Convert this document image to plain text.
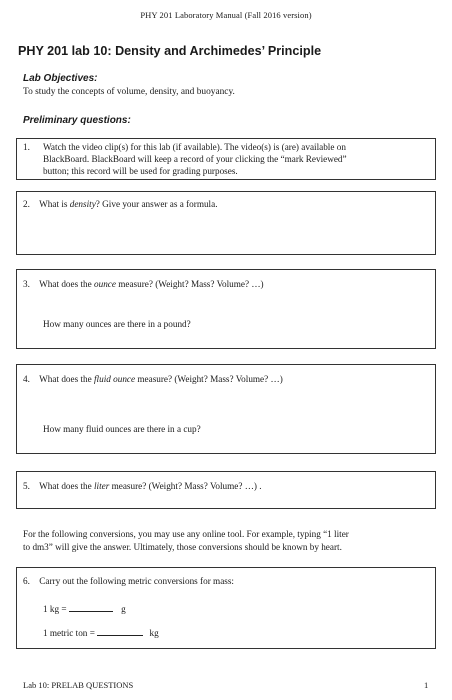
PHY 201 Laboratory Manual (Fall 2016 version)
PHY 201 lab 10: Density and Archimedes’ Principle
Lab Objectives:
To study the concepts of volume, density, and buoyancy.
Preliminary questions:
1. Watch the video clip(s) for this lab (if available). The video(s) is (are) available on
BlackBoard. BlackBoard will keep a record of your clicking the “mark Reviewed”
button; this record will be used for grading purposes.
2. What is density? Give your answer as a formula.
3. What does the ounce measure? (Weight? Mass? Volume? …)
How many ounces are there in a pound?
4. What does the fluid ounce measure? (Weight? Mass? Volume? …)
How many fluid ounces are there in a cup?
5. What does the liter measure? (Weight? Mass? Volume? …) .
For the following conversions, you may use any online tool. For example, typing “1 liter
to dm3” will give the answer. Ultimately, those conversions should be known by heart.
6. Carry out the following metric conversions for mass:
1 kg =	g
1 metric ton =	kg
Lab 10: PRELAB QUESTIONS	1
